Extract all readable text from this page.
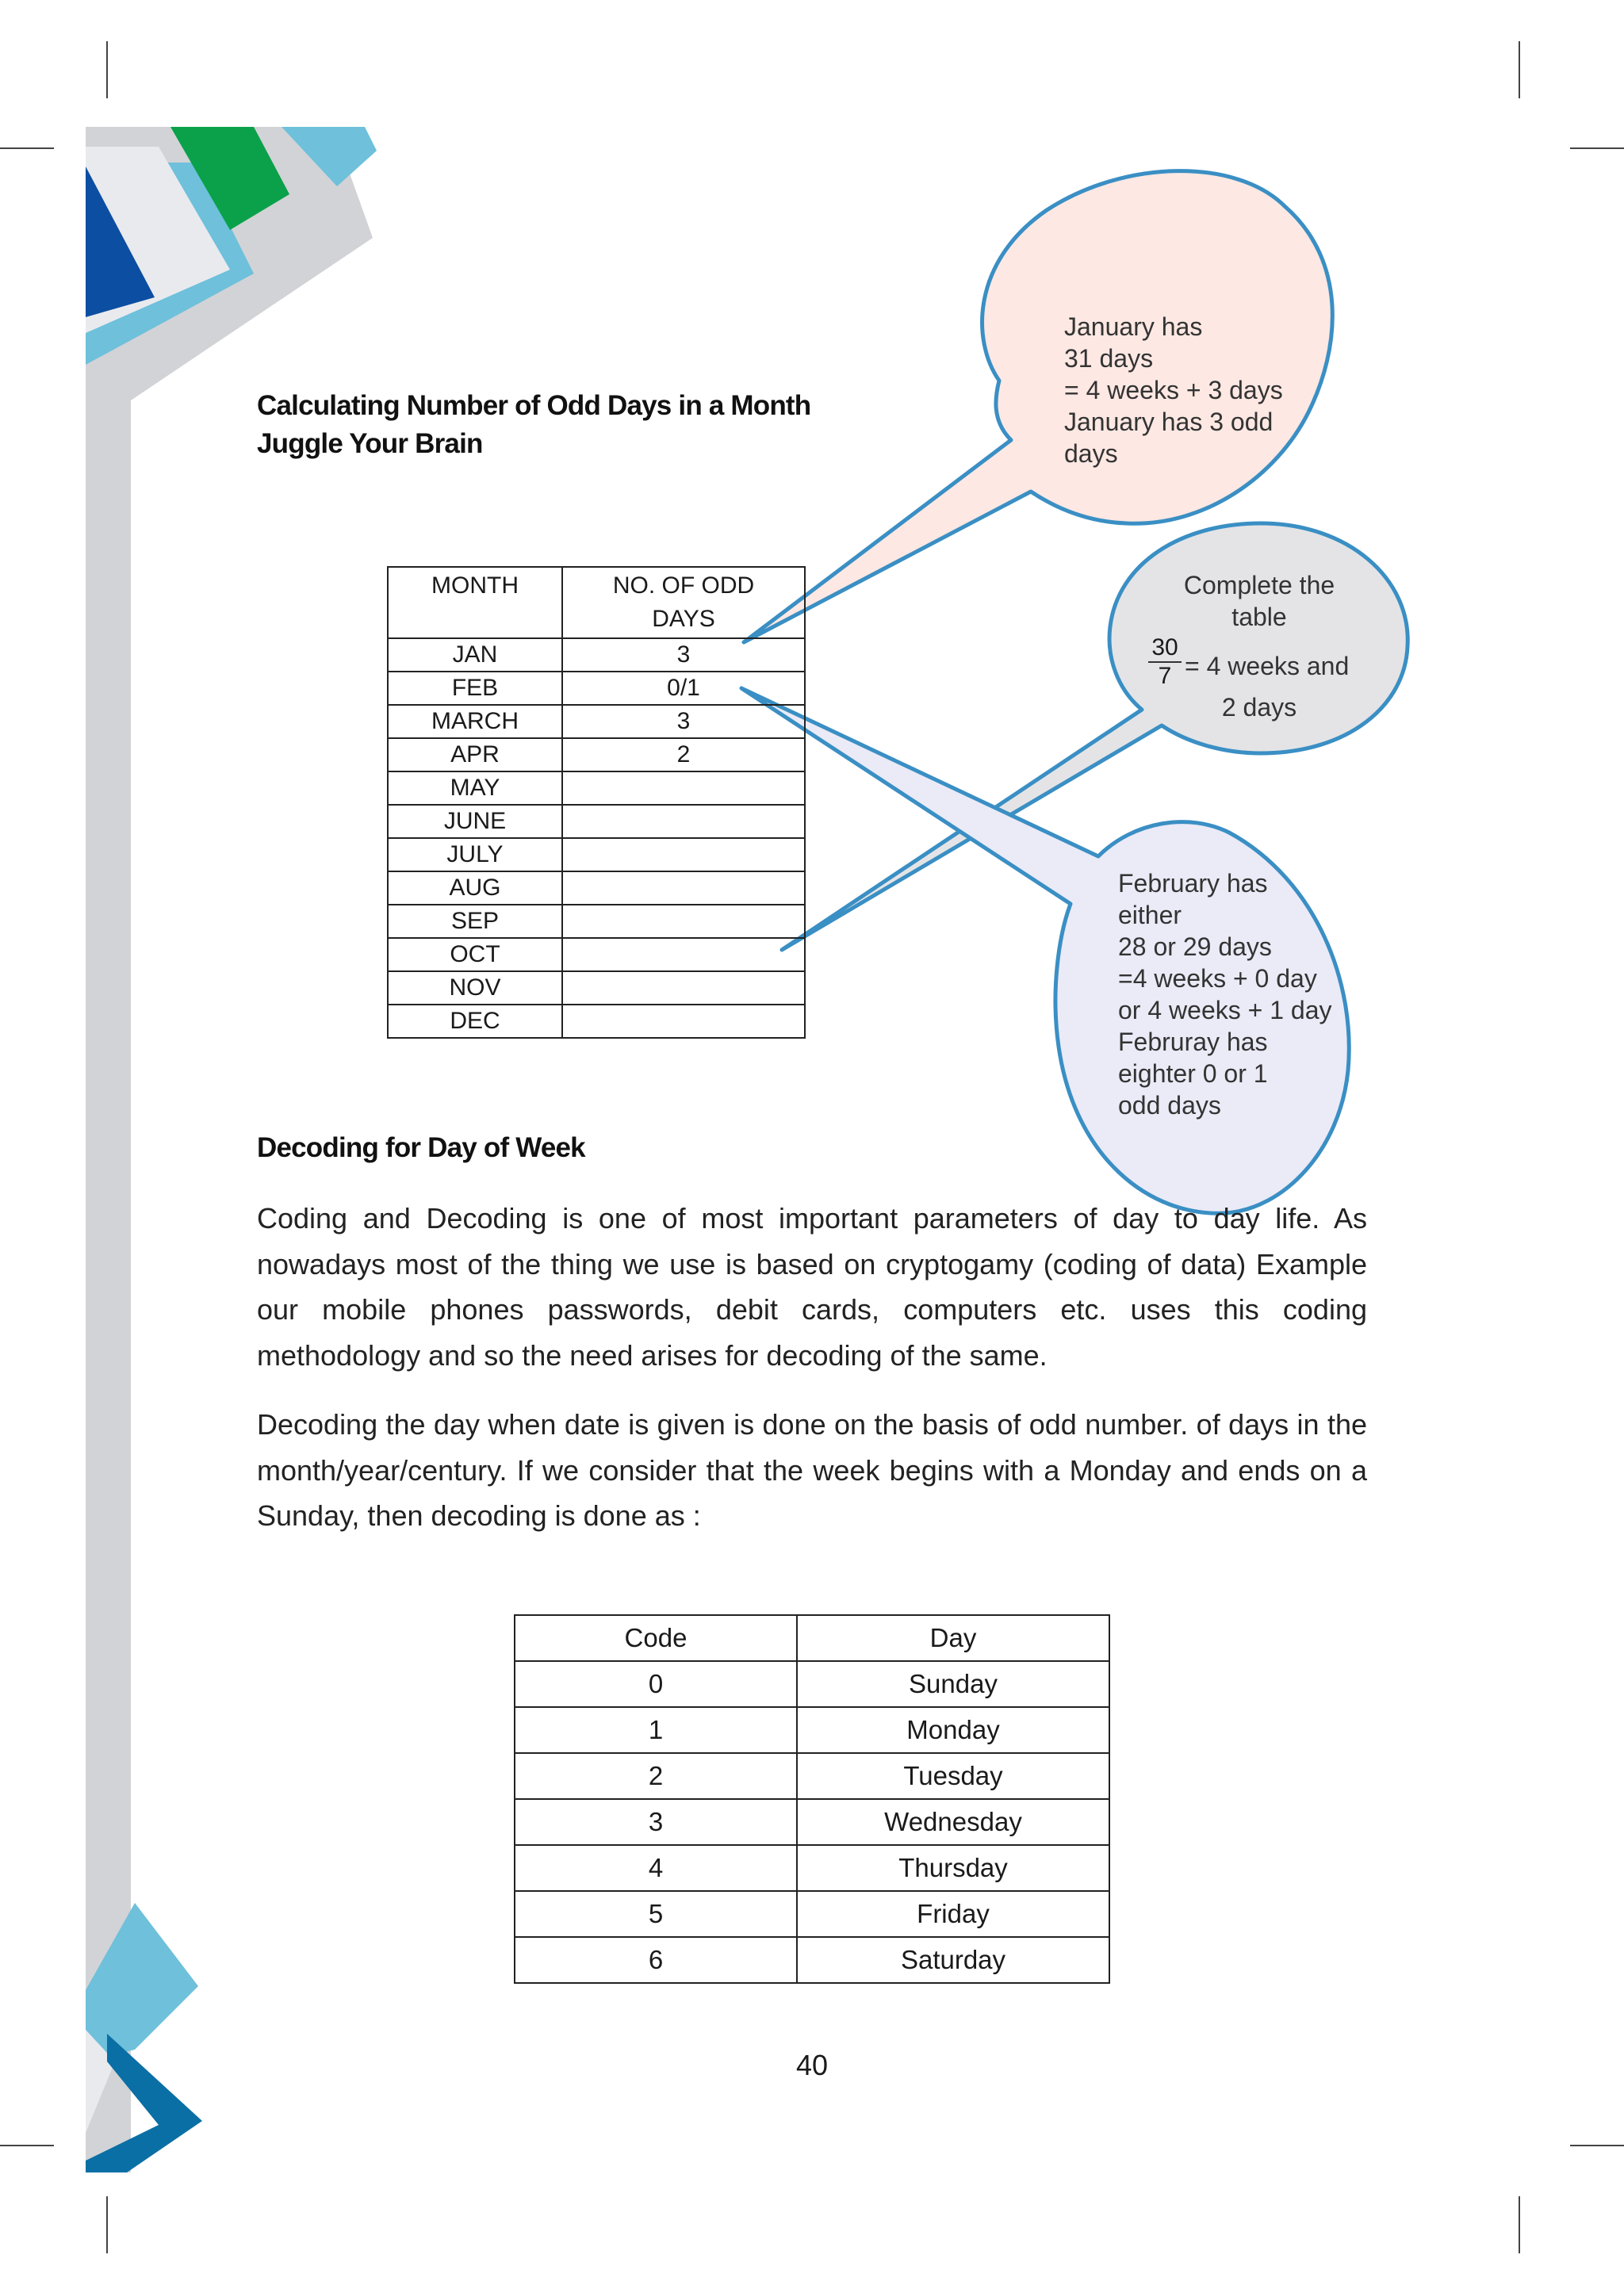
Calculating Number of Odd Days in a Month
Juggle Your Brain
MONTH	NO. OF ODD DAYS
JAN	3
FEB	0/1
MARCH	3
APR	2
MAY	
JUNE	
JULY	
AUG	
SEP	
OCT	
NOV	
DEC	
January has
31 days
= 4 weeks + 3 days
January has 3 odd
days
Complete the
table
$\frac{30}{7} = 4$ weeks and
2 days
February has
either
28 or 29 days
=4 weeks + 0 day
or 4 weeks + 1 day
Februray has
eighter 0 or 1
odd days
Decoding for Day of Week

Coding and Decoding is one of most important parameters of day to day life. As nowadays most of the thing we use is based on cryptogamy (coding of data) Example our mobile phones passwords, debit cards, computers etc. uses this coding methodology and so the need arises for decoding of the same.

Decoding the day when date is given is done on the basis of odd number. of days in the month/year/century. If we consider that the week begins with a Monday and ends on a Sunday, then decoding is done as :

Code	Day
0	Sunday
1	Monday
2	Tuesday
3	Wednesday
4	Thursday
5	Friday
6	Saturday
40
